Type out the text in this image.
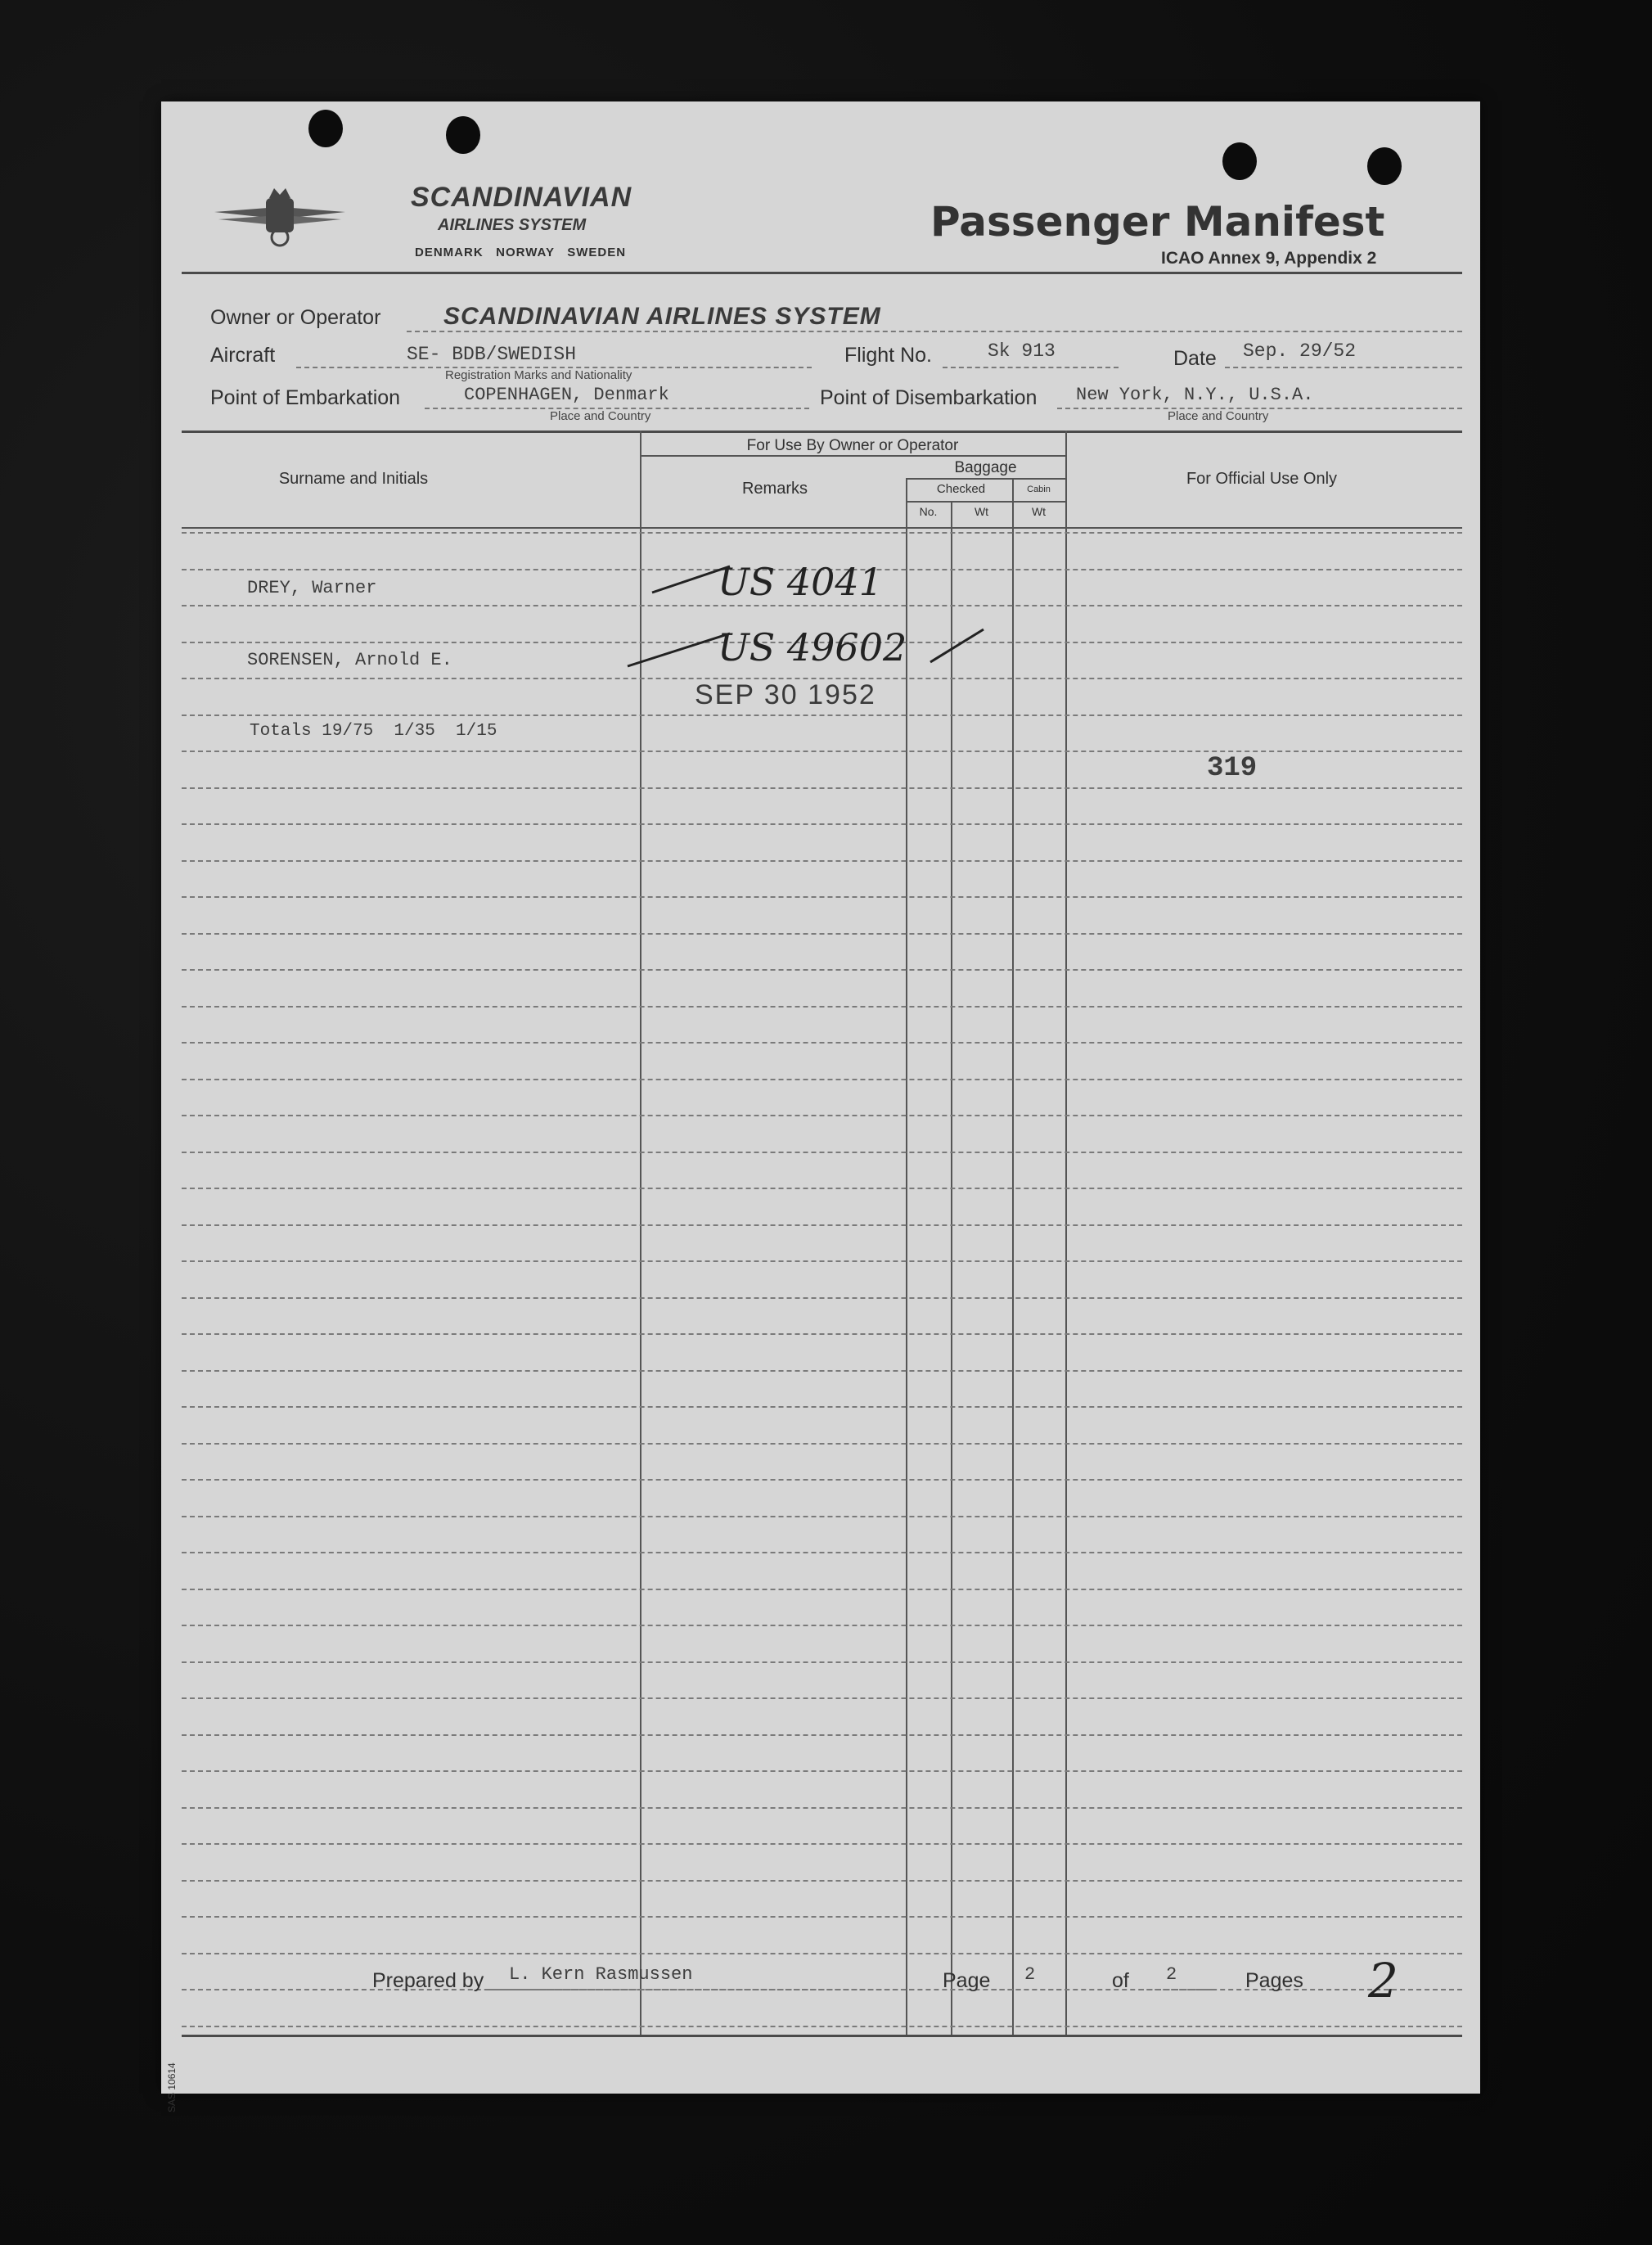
SCANDINAVIAN
AIRLINES SYSTEM
DENMARK   NORWAY   SWEDEN
Passenger Manifest
ICAO Annex 9, Appendix 2
Owner or Operator	SCANDINAVIAN AIRLINES SYSTEM
Aircraft	SE- BDB/SWEDISH
Registration Marks and Nationality
Flight No.	Sk 913	Date Sep. 29/52
Point of Embarkation	COPENHAGEN, Denmark
Place and Country
Point of Disembarkation New York, N.Y., U.S.A.
Place and Country
Surname and Initials
For Use By Owner or Operator
Remarks
Baggage
Checked
No.	Wt
Cabin
Wt
For Official Use Only
DREY, Warner	US 4041
SORENSEN, Arnold E.	US 49602
SEP 30 1952
Totals 19/75  1/35  1/15
319
SAS 10614
Prepared by L. Kern Rasmussen	Page 2	of 2	Pages 2
